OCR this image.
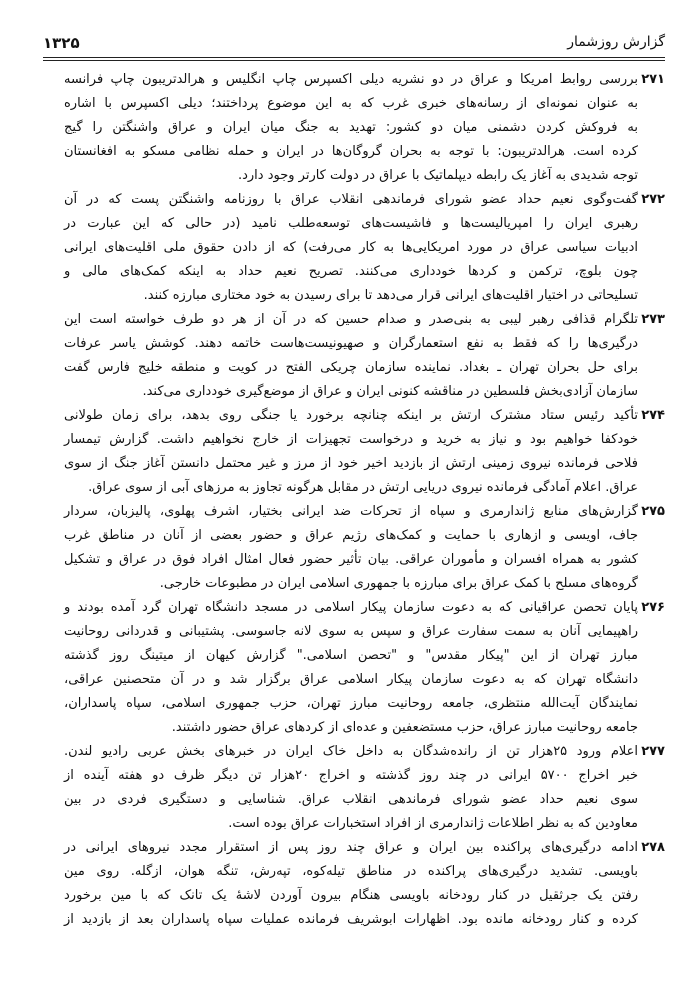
گزارش روزشمار
۱۳۲۵
۲۷۱
بررسی روابط امریکا و عراق در دو نشریه دیلی اکسپرس چاپ انگلیس و هرالدتریبون چاپ فرانسه
به عنوان نمونه‌ای از رسانه‌های خبری غرب که به این موضوع پرداختند؛ دیلی اکسپرس با اشاره
به فروکش کردن دشمنی میان دو کشور: تهدید به جنگ میان ایران و عراق واشنگتن را گیج
کرده است. هرالدتریبون: با توجه به بحران گروگان‌ها در ایران و حمله نظامی مسکو به افغانستان
توجه شدیدی به آغاز یک رابطه دیپلماتیک با عراق در دولت کارتر وجود دارد.
۲۷۲
گفت‌وگوی نعیم حداد عضو شورای فرماندهی انقلاب عراق با روزنامه واشنگتن پست که در آن
رهبری ایران را امپریالیست‌ها و فاشیست‌های توسعه‌طلب نامید (در حالی که این عبارت در
ادبیات سیاسی عراق در مورد امریکایی‌ها به کار می‌رفت) که از دادن حقوق ملی اقلیت‌های ایرانی
چون بلوچ، ترکمن و کردها خودداری می‌کنند. تصریح نعیم حداد به اینکه کمک‌های مالی و
تسلیحاتی در اختیار اقلیت‌های ایرانی قرار می‌دهد تا برای رسیدن به خود مختاری مبارزه کنند.
۲۷۳
تلگرام قذافی رهبر لیبی به بنی‌صدر و صدام حسین که در آن از هر دو طرف خواسته است این
درگیری‌ها را که فقط به نفع استعمارگران و صهیونیست‌هاست خاتمه دهند. کوشش یاسر عرفات
برای حل بحران تهران ـ بغداد. نماینده سازمان چریکی الفتح در کویت و منطقه خلیج فارس گفت
سازمان آزادی‌بخش فلسطین در مناقشه کنونی ایران و عراق از موضع‌گیری خودداری می‌کند.
۲۷۴
تأکید رئیس ستاد مشترک ارتش بر اینکه چنانچه برخورد یا جنگی روی بدهد، برای زمان طولانی
خودکفا خواهیم بود و نیاز به خرید و درخواست تجهیزات از خارج نخواهیم داشت. گزارش تیمسار
فلاحی فرمانده نیروی زمینی ارتش از بازدید اخیر خود از مرز و غیر محتمل دانستن آغاز جنگ از سوی
عراق. اعلام آمادگی فرمانده نیروی دریایی ارتش در مقابل هرگونه تجاوز به مرزهای آبی از سوی عراق.
۲۷۵
گزارش‌های منابع ژاندارمری و سپاه از تحرکات ضد ایرانی بختیار، اشرف پهلوی، پالیزبان، سردار
جاف، اویسی و ازهاری با حمایت و کمک‌های رژیم عراق و حضور بعضی از آنان در مناطق غرب
کشور به همراه افسران و مأموران عراقی. بیان تأثیر حضور فعال امثال افراد فوق در عراق و تشکیل
گروه‌های مسلح با کمک عراق برای مبارزه با جمهوری اسلامی ایران در مطبوعات خارجی.
۲۷۶
پایان تحصن عراقیانی که به دعوت سازمان پیکار اسلامی در مسجد دانشگاه تهران گرد آمده بودند و
راهپیمایی آنان به سمت سفارت عراق و سپس به سوی لانه جاسوسی. پشتیبانی و قدردانی روحانیت
مبارز تهران از این "پیکار مقدس" و "تحصن اسلامی." گزارش کیهان از میتینگ روز گذشته
دانشگاه تهران که به دعوت سازمان پیکار اسلامی عراق برگزار شد و در آن متحصنین عراقی،
نمایندگان آیت‌الله منتظری، جامعه روحانیت مبارز تهران، حزب جمهوری اسلامی، سپاه پاسداران،
جامعه روحانیت مبارز عراق، حزب مستضعفین و عده‌ای از کردهای عراق حضور داشتند.
۲۷۷
اعلام ورود ۲۵هزار تن از رانده‌شدگان به داخل خاک ایران در خبرهای بخش عربی رادیو لندن.
خبر اخراج ۵۷۰۰ ایرانی در چند روز گذشته و اخراج ۲۰هزار تن دیگر ظرف دو هفته آینده از
سوی نعیم حداد عضو شورای فرماندهی انقلاب عراق. شناسایی و دستگیری فردی در بین
معاودین که به نظر اطلاعات ژاندارمری از افراد استخبارات عراق بوده است.
۲۷۸
ادامه درگیری‌های پراکنده بین ایران و عراق چند روز پس از استقرار مجدد نیروهای ایرانی در
باویسی. تشدید درگیری‌های پراکنده در مناطق تیله‌کوه، تپه‌رش، تنگه هوان، ازگله. روی مین
رفتن یک جرثقیل در کنار رودخانه باویسی هنگام بیرون آوردن لاشهٔ یک تانک که با مین برخورد
کرده و کنار رودخانه مانده بود. اظهارات ابوشریف فرمانده عملیات سپاه پاسداران بعد از بازدید از
